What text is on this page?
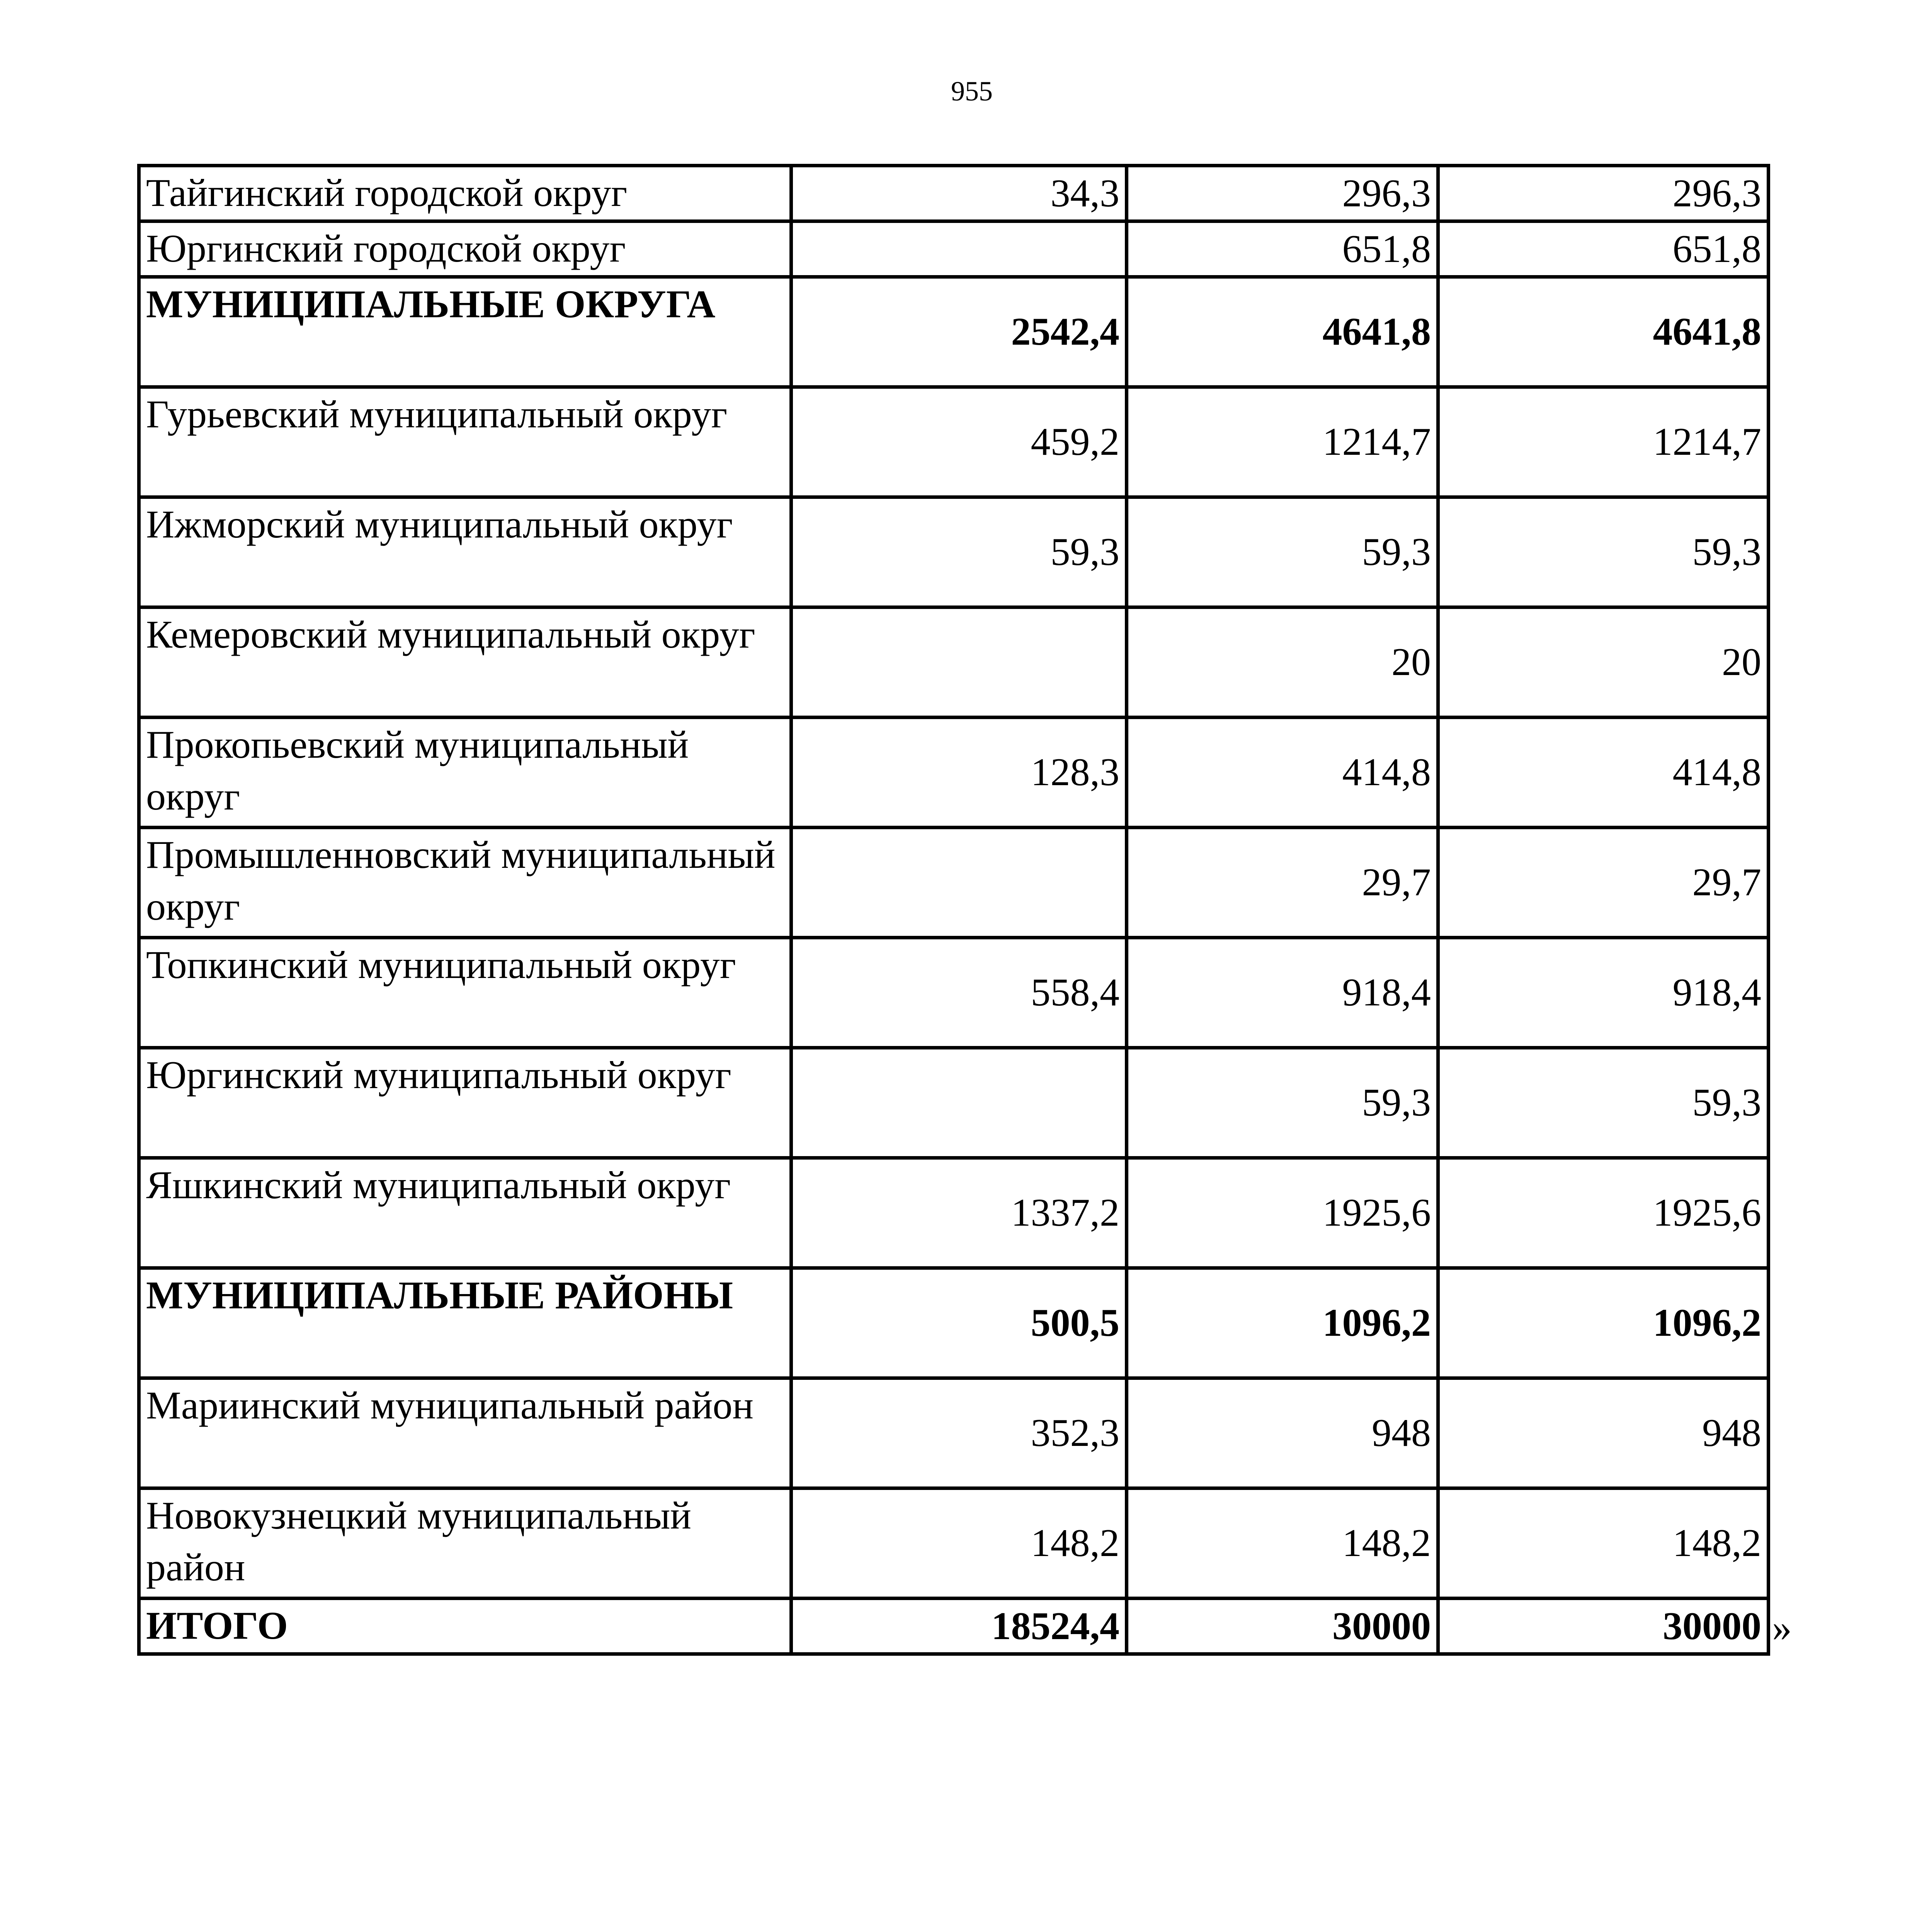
955
Тайгинский городской округ	34,3	296,3	296,3
Юргинский городской округ		651,8	651,8
МУНИЦИПАЛЬНЫЕ ОКРУГА	2542,4	4641,8	4641,8
Гурьевский муниципальный округ	459,2	1214,7	1214,7
Ижморский муниципальный округ	59,3	59,3	59,3
Кемеровский муниципальный округ		20	20
Прокопьевский муниципальный округ	128,3	414,8	414,8
Промышленновский муниципальный округ		29,7	29,7
Топкинский муниципальный округ	558,4	918,4	918,4
Юргинский муниципальный округ		59,3	59,3
Яшкинский муниципальный округ	1337,2	1925,6	1925,6
МУНИЦИПАЛЬНЫЕ РАЙОНЫ	500,5	1096,2	1096,2
Мариинский муниципальный район	352,3	948	948
Новокузнецкий муниципальный район	148,2	148,2	148,2
ИТОГО	18524,4	30000	30000 »
